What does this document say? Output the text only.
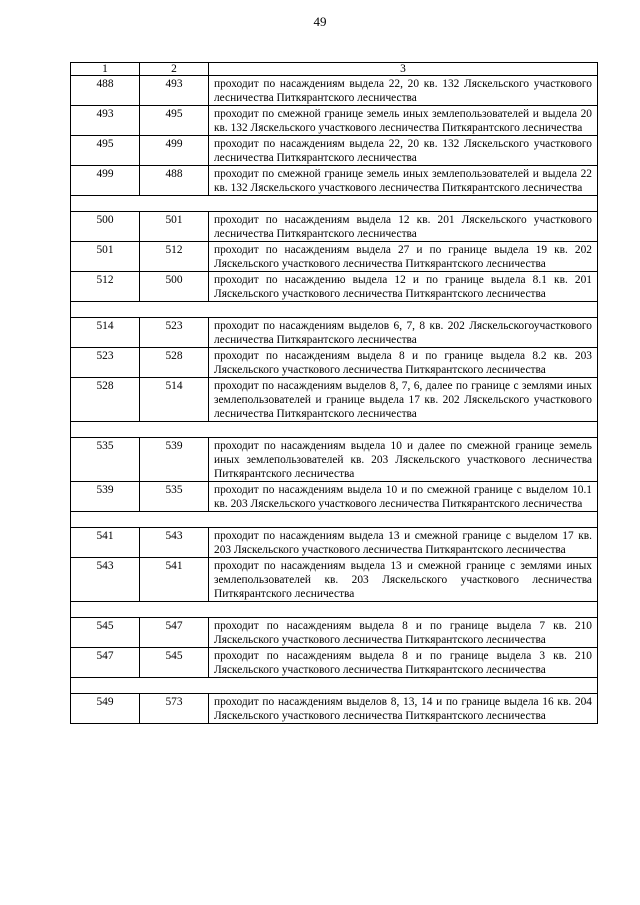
49
1	2	3
488	493	проходит по насаждениям выдела 22, 20 кв. 132 Ляскельского участкового лесничества Питкярантского лесничества
493	495	проходит по смежной границе земель иных землепользователей и выдела 20 кв. 132 Ляскельского участкового лесничества Питкярантского лесничества
495	499	проходит по насаждениям выдела 22, 20 кв. 132 Ляскельского участкового лесничества Питкярантского лесничества
499	488	проходит по смежной границе земель иных землепользователей и выдела 22 кв. 132 Ляскельского участкового лесничества Питкярантского лесничества

500	501	проходит по насаждениям выдела 12 кв. 201 Ляскельского участкового лесничества Питкярантского лесничества
501	512	проходит по насаждениям выдела 27 и по границе выдела 19 кв. 202 Ляскельского участкового лесничества Питкярантского лесничества
512	500	проходит по насаждению выдела 12 и по границе выдела 8.1 кв. 201 Ляскельского участкового лесничества Питкярантского лесничества

514	523	проходит по насаждениям выделов 6, 7, 8 кв. 202 Ляскельскогоучасткового лесничества Питкярантского лесничества
523	528	проходит по насаждениям выдела 8 и по границе выдела 8.2 кв. 203 Ляскельского участкового лесничества Питкярантского лесничества
528	514	проходит по насаждениям выделов 8, 7, 6, далее по границе с землями иных землепользователей и границе выдела 17 кв. 202 Ляскельского участкового лесничества Питкярантского лесничества

535	539	проходит по насаждениям выдела 10 и далее по смежной границе земель иных землепользователей кв. 203 Ляскельского участкового лесничества Питкярантского лесничества
539	535	проходит по насаждениям выдела 10 и по смежной границе с выделом 10.1 кв. 203 Ляскельского участкового лесничества Питкярантского лесничества

541	543	проходит по насаждениям выдела 13 и смежной границе с выделом 17 кв. 203 Ляскельского участкового лесничества Питкярантского лесничества
543	541	проходит по насаждениям выдела 13 и смежной границе с землями иных землепользователей кв. 203 Ляскельского участкового лесничества Питкярантского лесничества

545	547	проходит по насаждениям выдела 8 и по границе выдела 7 кв. 210 Ляскельского участкового лесничества Питкярантского лесничества
547	545	проходит по насаждениям выдела 8 и по границе выдела 3 кв. 210 Ляскельского участкового лесничества Питкярантского лесничества

549	573	проходит по насаждениям выделов 8, 13, 14 и по границе выдела 16 кв. 204 Ляскельского участкового лесничества Питкярантского лесничества
